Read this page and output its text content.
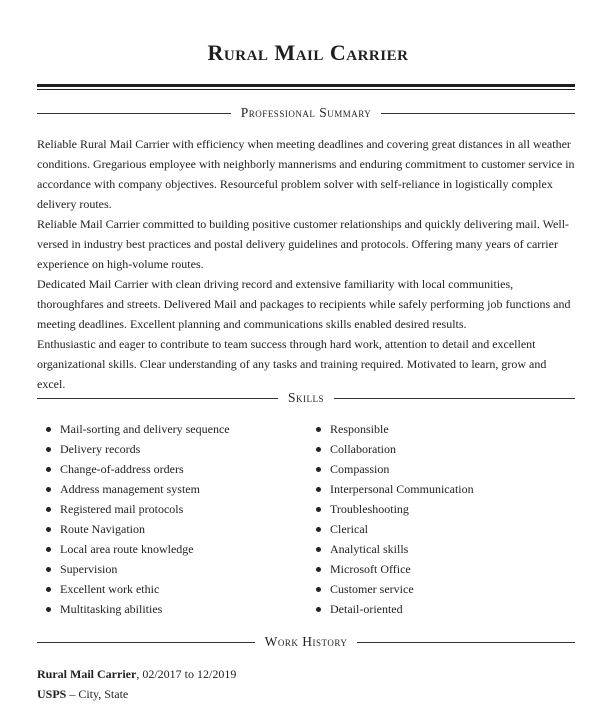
Rural Mail Carrier
Professional Summary

Reliable Rural Mail Carrier with efficiency when meeting deadlines and covering great distances in all weather conditions. Gregarious employee with neighborly mannerisms and enduring commitment to customer service in accordance with company objectives. Resourceful problem solver with self-reliance in logistically complex delivery routes.

Reliable Mail Carrier committed to building positive customer relationships and quickly delivering mail. Well-versed in industry best practices and postal delivery guidelines and protocols. Offering many years of carrier experience on high-volume routes.

Dedicated Mail Carrier with clean driving record and extensive familiarity with local communities, thoroughfares and streets. Delivered Mail and packages to recipients while safely performing job functions and meeting deadlines. Excellent planning and communications skills enabled desired results.

Enthusiastic and eager to contribute to team success through hard work, attention to detail and excellent organizational skills. Clear understanding of any tasks and training required. Motivated to learn, grow and excel.

Skills
Mail-sorting and delivery sequence
Delivery records
Change-of-address orders
Address management system
Registered mail protocols
Route Navigation
Local area route knowledge
Supervision
Excellent work ethic
Multitasking abilities
Responsible
Collaboration
Compassion
Interpersonal Communication
Troubleshooting
Clerical
Analytical skills
Microsoft Office
Customer service
Detail-oriented
Work History
Rural Mail Carrier, 02/2017 to 12/2019
USPS – City, State
